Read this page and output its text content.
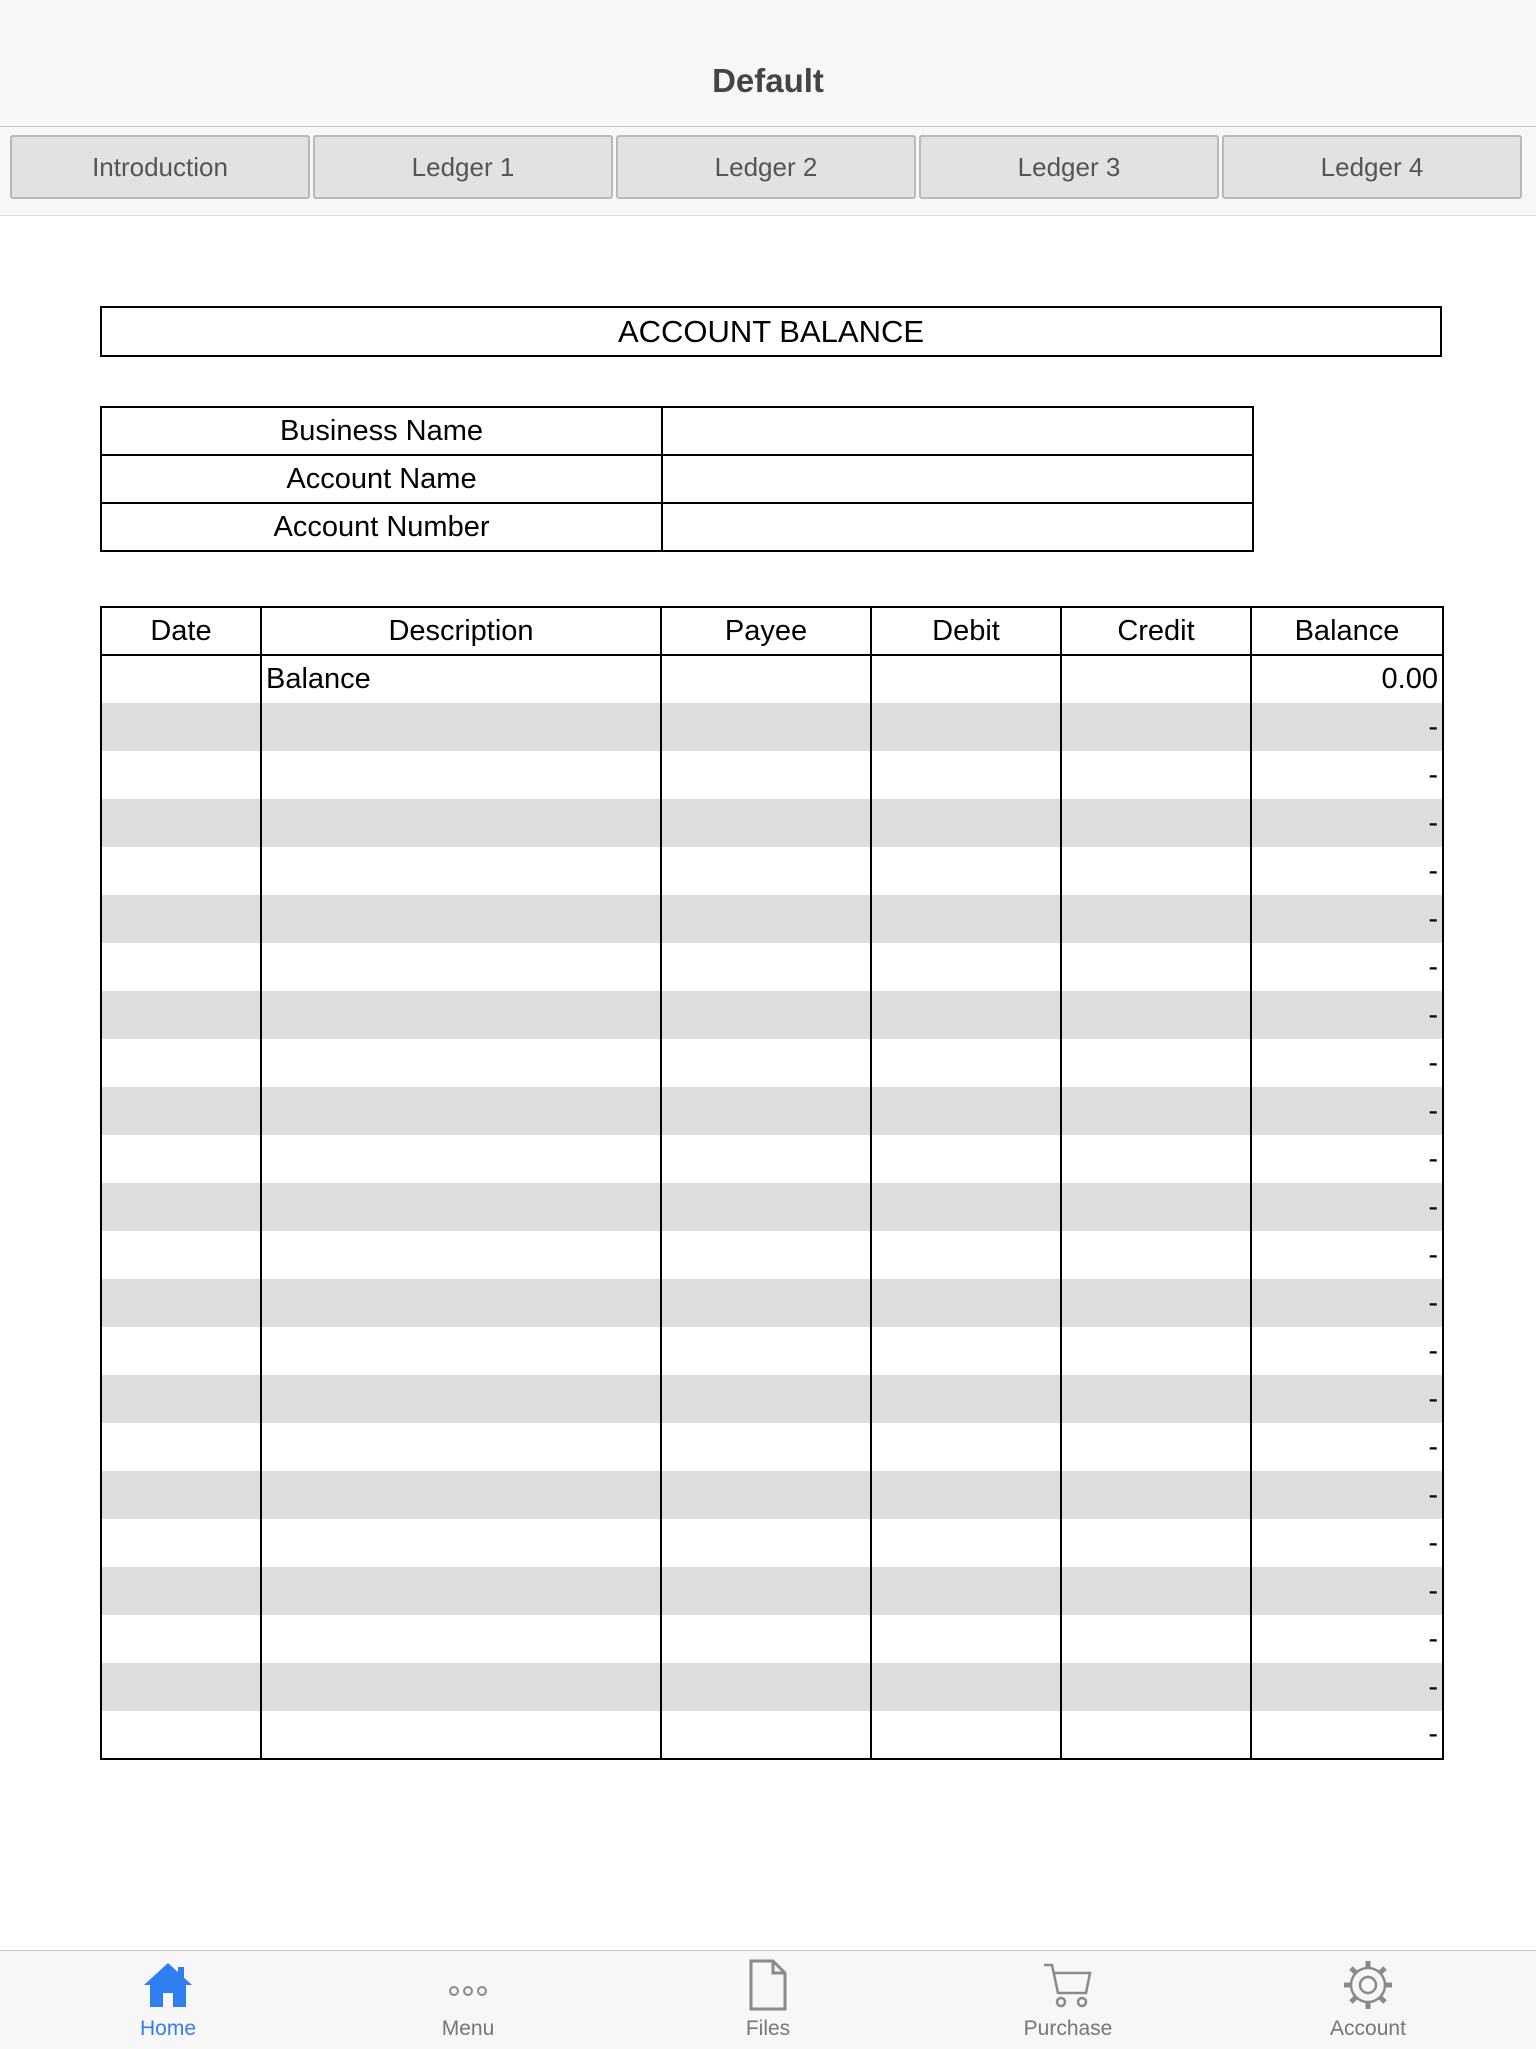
Default
Introduction	Ledger 1	Ledger 2	Ledger 3	Ledger 4
ACCOUNT BALANCE
Business Name	
Account Name	
Account Number	
Date	Description	Payee	Debit	Credit	Balance
	Balance				0.00
					-
					-
					-
					-
					-
					-
					-
					-
					-
					-
					-
					-
					-
					-
					-
					-
					-
					-
					-
					-
					-
					-
Home	Menu	Files	Purchase	Account
